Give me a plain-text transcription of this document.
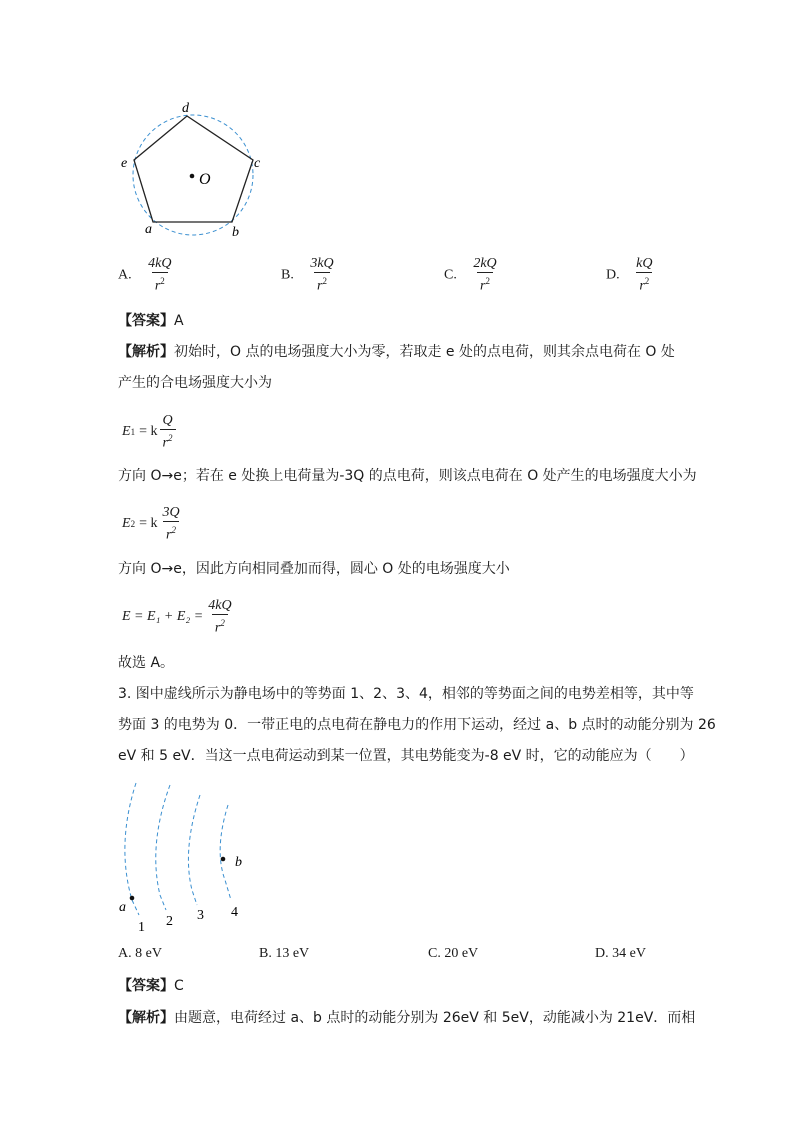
d
c
e
a	b
O
A. $\frac{4kQ}{r^2}$	B. $\frac{3kQ}{r^2}$	C. $\frac{2kQ}{r^2}$	D. $\frac{kQ}{r^2}$
【答案】A
【解析】初始时，O 点的电场强度大小为零，若取走 e 处的点电荷，则其余点电荷在 O 处
产生的合电场强度大小为
E 1 = k $\frac{Q}{r^2}$
方向 O→e；若在 e 处换上电荷量为-3Q 的点电荷，则该点电荷在 O 处产生的电场强度大小为
E 2 = k $\frac{3Q}{r^2}$
方向 O→e，因此方向相同叠加而得，圆心 O 处的电场强度大小
$E = E_1 + E_2 = \frac{4kQ}{r^2}$
故选 A。
3. 图中虚线所示为静电场中的等势面 1、2、3、4，相邻的等势面之间的电势差相等，其中等
势面 3 的电势为 0．一带正电的点电荷在静电力的作用下运动，经过 a、b 点时的动能分别为 26
eV 和 5 eV．当这一点电荷运动到某一位置，其电势能变为-8 eV 时，它的动能应为（　　）
a
b
1 2 3 4
A. 8 eV	B. 13 eV	C. 20 eV	D. 34 eV
【答案】C
【解析】由题意，电荷经过 a、b 点时的动能分别为 26eV 和 5eV，动能减小为 21eV．而相
